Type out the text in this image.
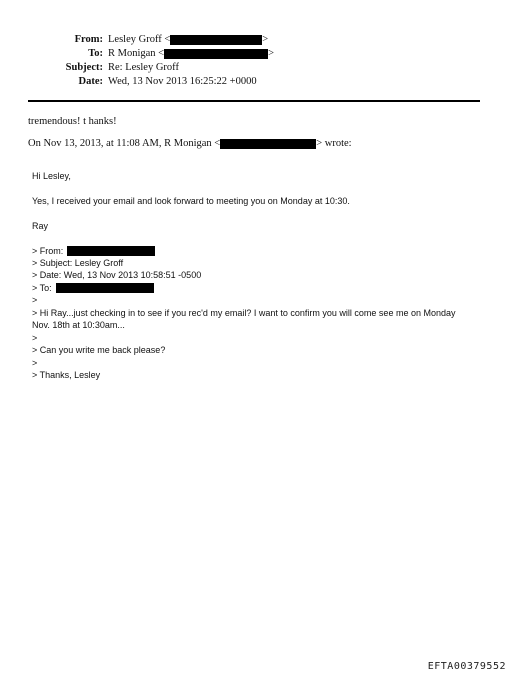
From: Lesley Groff <	>
To: R Monigan <	>
Subject: Re: Lesley Groff
Date: Wed, 13 Nov 2013 16:25:22 +0000
tremendous! t hanks!
On Nov 13, 2013, at 11:08 AM, R Monigan <	> wrote:
Hi Lesley,
Yes, I received your email and look forward to meeting you on Monday at 10:30.
Ray
> From:
> Subject: Lesley Groff
> Date: Wed, 13 Nov 2013 10:58:51 -0500
> To:
>
> Hi Ray...just checking in to see if you rec'd my email? I want to confirm you will come see me on Monday
Nov. 18th at 10:30am...
>
> Can you write me back please?
>
> Thanks, Lesley
EFTA00379552
